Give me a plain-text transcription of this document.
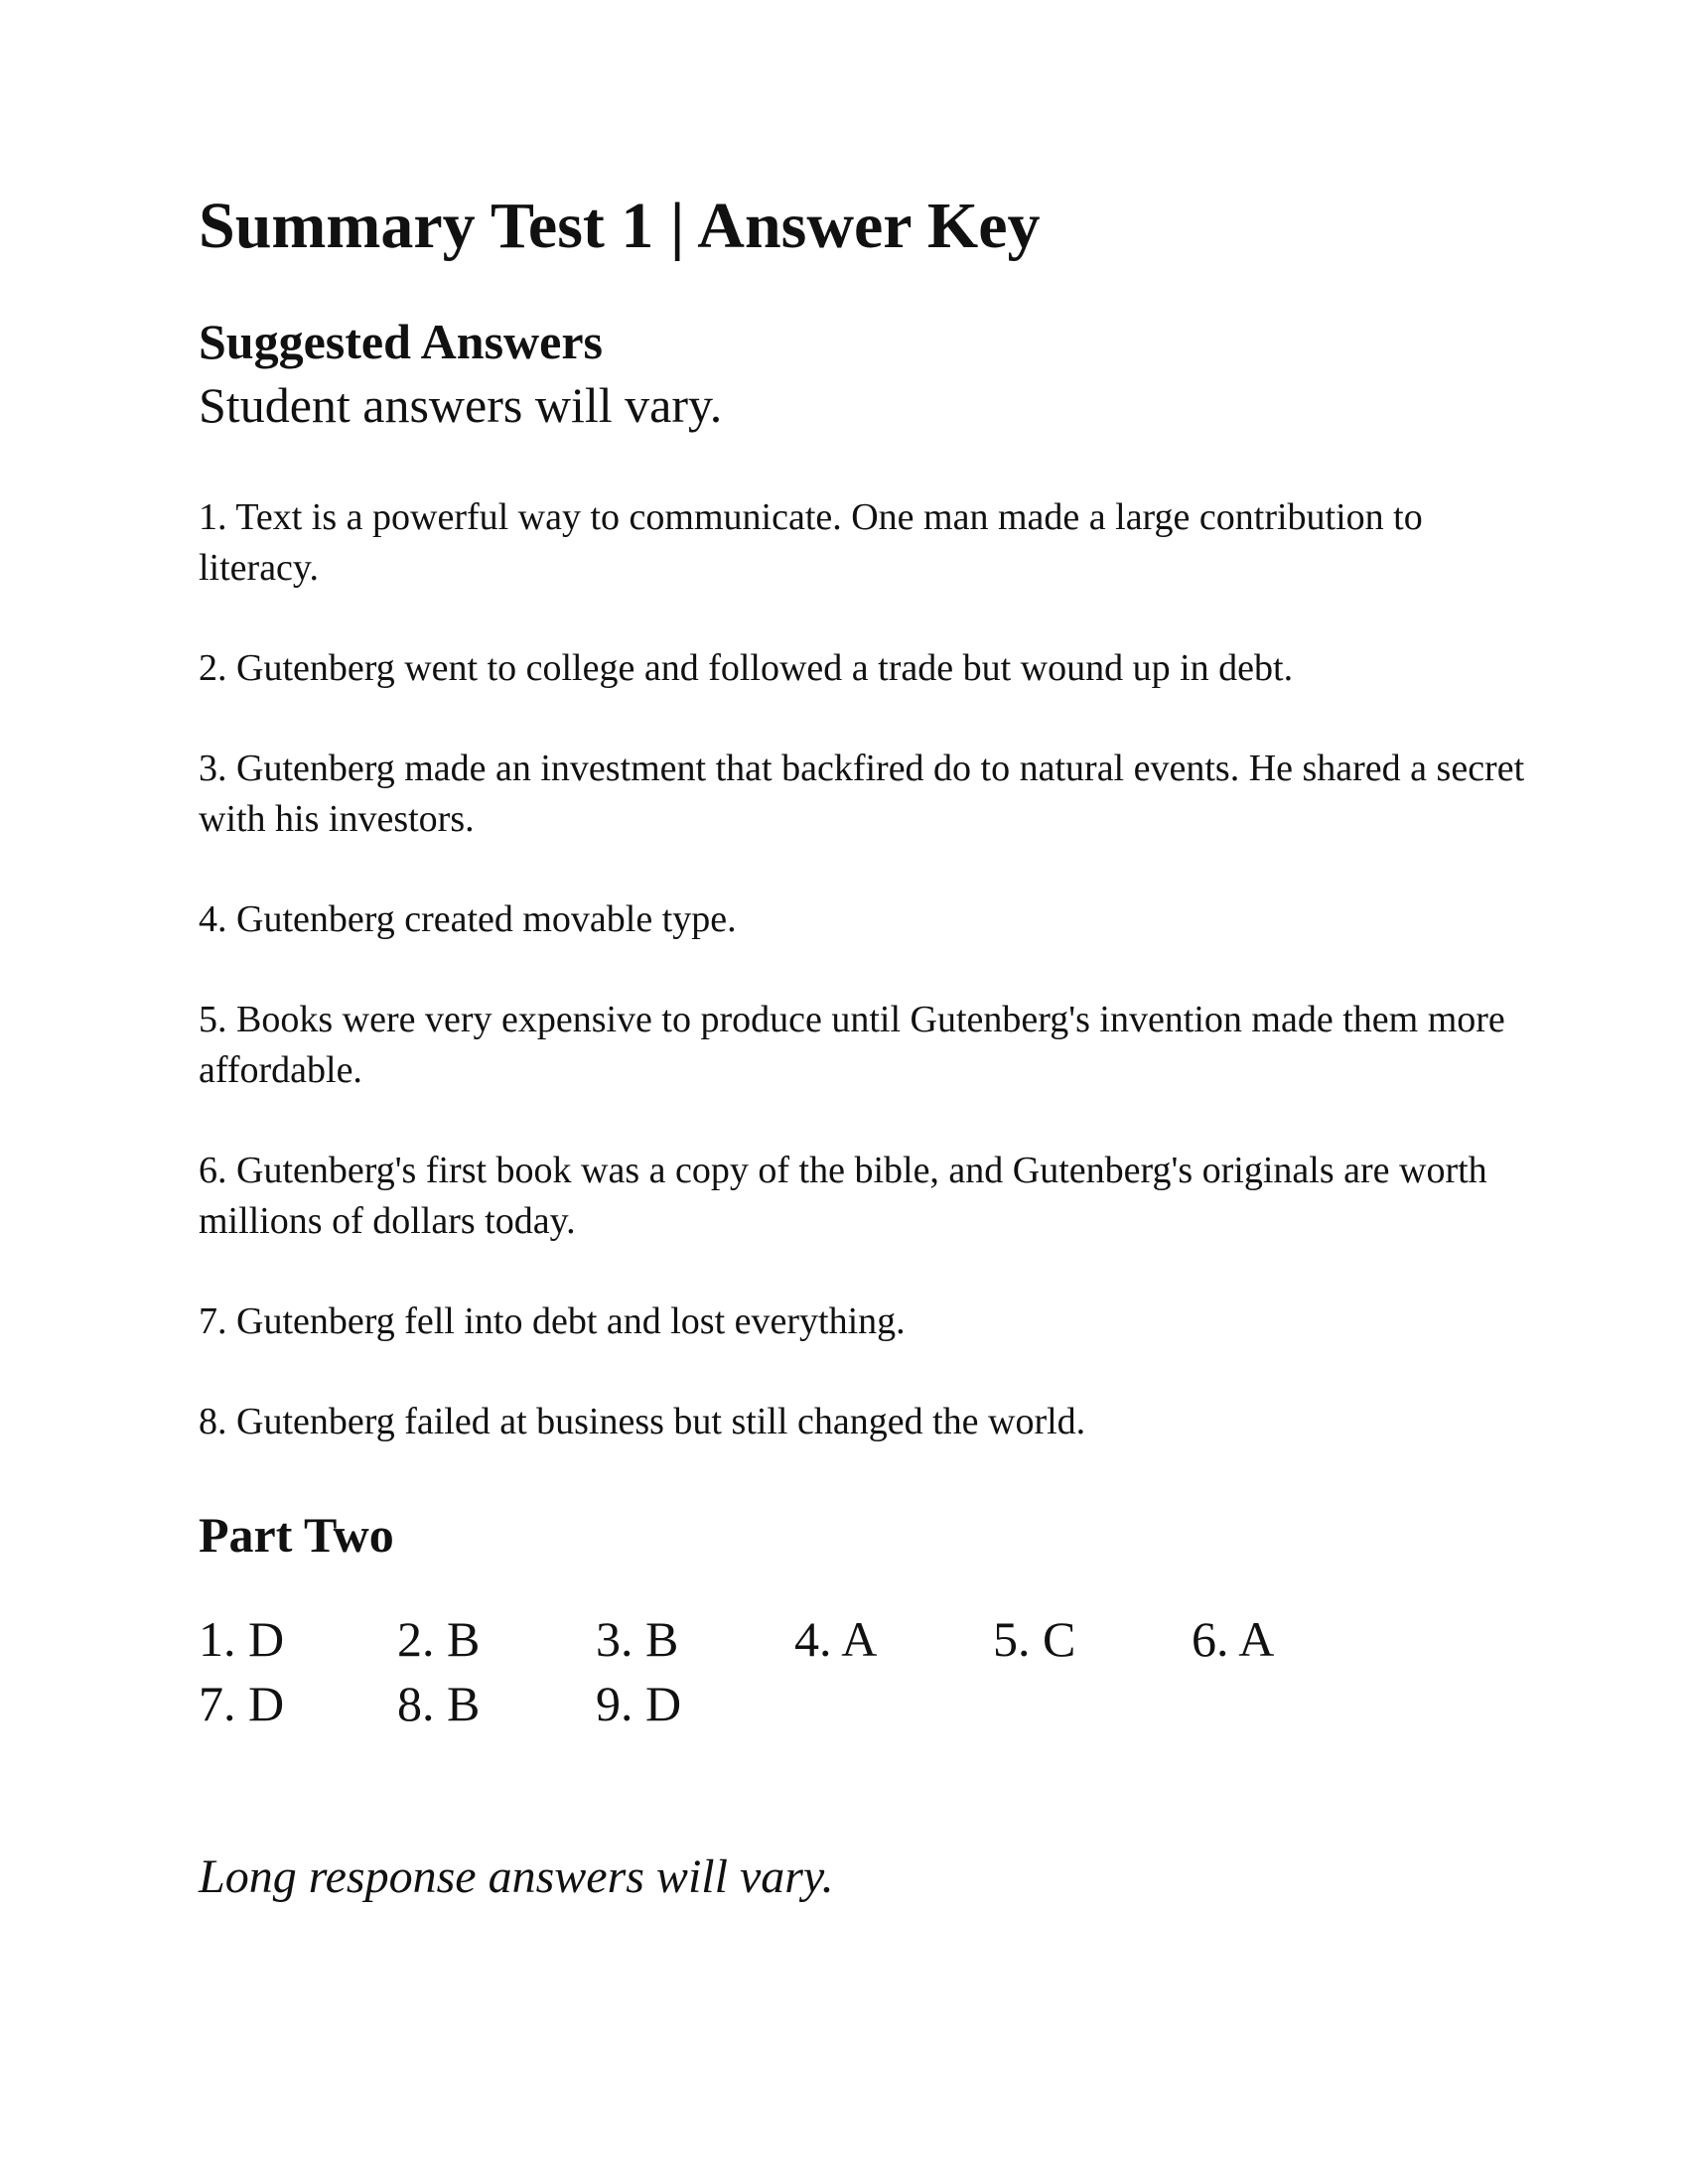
Summary Test 1 | Answer Key
Suggested Answers

Student answers will vary.

1. Text is a powerful way to communicate. One man made a large contribution to literacy.
2. Gutenberg went to college and followed a trade but wound up in debt.
3. Gutenberg made an investment that backfired do to natural events. He shared a secret with his investors.
4. Gutenberg created movable type.
5. Books were very expensive to produce until Gutenberg's invention made them more affordable.
6. Gutenberg's first book was a copy of the bible, and Gutenberg's originals are worth millions of dollars today.
7. Gutenberg fell into debt and lost everything.
8. Gutenberg failed at business but still changed the world.
Part Two
1. D	2. B	3. B	4. A	5. C	6. A
7. D	8. B	9. D

Long response answers will vary.
